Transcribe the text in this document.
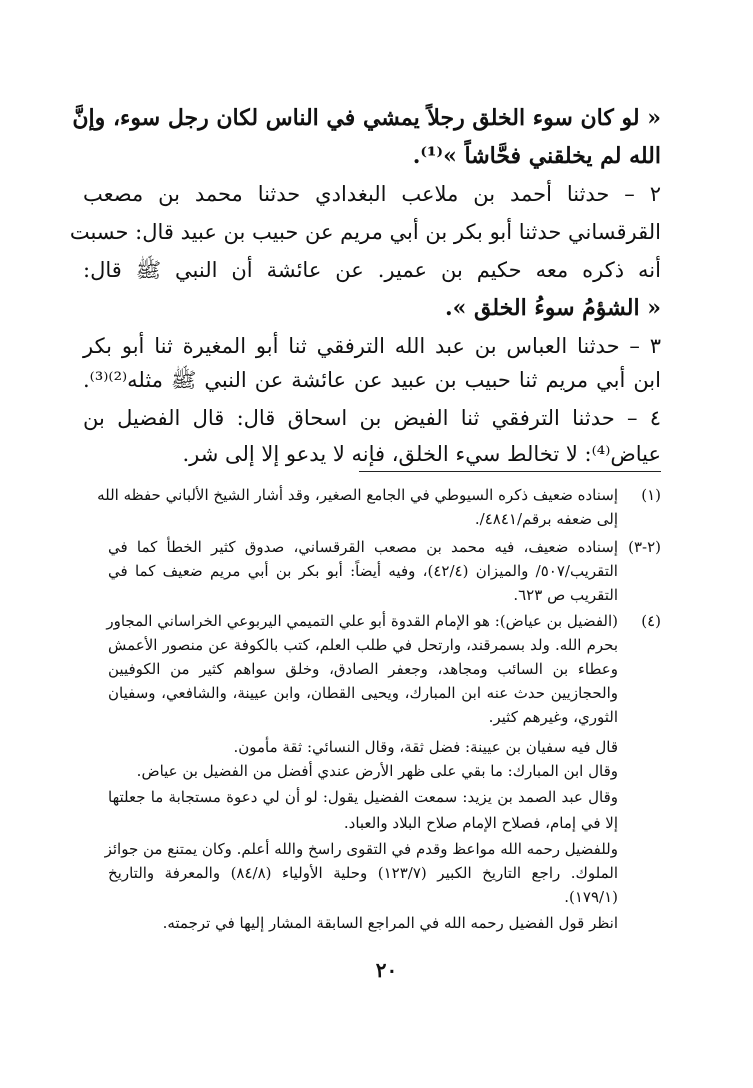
« لو كان سوء الخلق رجلاً يمشي في الناس لكان رجل سوء، وإنَّ
الله لم يخلقني فحَّاشاً »⁽¹⁾.
٢ – حدثنا أحمد بن ملاعب البغدادي حدثنا محمد بن مصعب
القرقساني حدثنا أبو بكر بن أبي مريم عن حبيب بن عبيد قال: حسبت
أنه ذكره معه حكيم بن عمير. عن عائشة أن النبي ﷺ قال:
« الشؤمُ سوءُ الخلق ».
٣ – حدثنا العباس بن عبد الله الترفقي ثنا أبو المغيرة ثنا أبو بكر
ابن أبي مريم ثنا حبيب بن عبيد عن عائشة عن النبي ﷺ مثله⁽²⁾⁽³⁾.
٤ – حدثنا الترفقي ثنا الفيض بن اسحاق قال: قال الفضيل بن
عياض⁽⁴⁾: لا تخالط سيء الخلق، فإنه لا يدعو إلا إلى شر.
(١)
(٢-٣)
(٤)
إسناده ضعيف ذكره السيوطي في الجامع الصغير، وقد أشار الشيخ الألباني حفظه الله
إلى ضعفه برقم/٤٨٤١/.
إسناده ضعيف، فيه محمد بن مصعب القرقساني، صدوق كثير الخطأ كما في
التقريب/٥٠٧/ والميزان (٤٢/٤)، وفيه أيضاً: أبو بكر بن أبي مريم ضعيف كما في
التقريب ص ٦٢٣.
(الفضيل بن عياض): هو الإمام القدوة أبو علي التميمي اليربوعي الخراساني المجاور
بحرم الله. ولد بسمرقند، وارتحل في طلب العلم، كتب بالكوفة عن منصور الأعمش
وعطاء بن السائب ومجاهد، وجعفر الصادق، وخلق سواهم كثير من الكوفيين
والحجازيين حدث عنه ابن المبارك، ويحيى القطان، وابن عيينة، والشافعي، وسفيان
الثوري، وغيرهم كثير.
قال فيه سفيان بن عيينة: فضل ثقة، وقال النسائي: ثقة مأمون.
وقال ابن المبارك: ما بقي على ظهر الأرض عندي أفضل من الفضيل بن عياض.
وقال عبد الصمد بن يزيد: سمعت الفضيل يقول: لو أن لي دعوة مستجابة ما جعلتها
إلا في إمام، فصلاح الإمام صلاح البلاد والعباد.
وللفضيل رحمه الله مواعظ وقدم في التقوى راسخ والله أعلم. وكان يمتنع من جوائز
الملوك. راجع التاريخ الكبير (١٢٣/٧) وحلية الأولياء (٨٤/٨) والمعرفة والتاريخ
(١٧٩/١).
انظر قول الفضيل رحمه الله في المراجع السابقة المشار إليها في ترجمته.
٢٠
